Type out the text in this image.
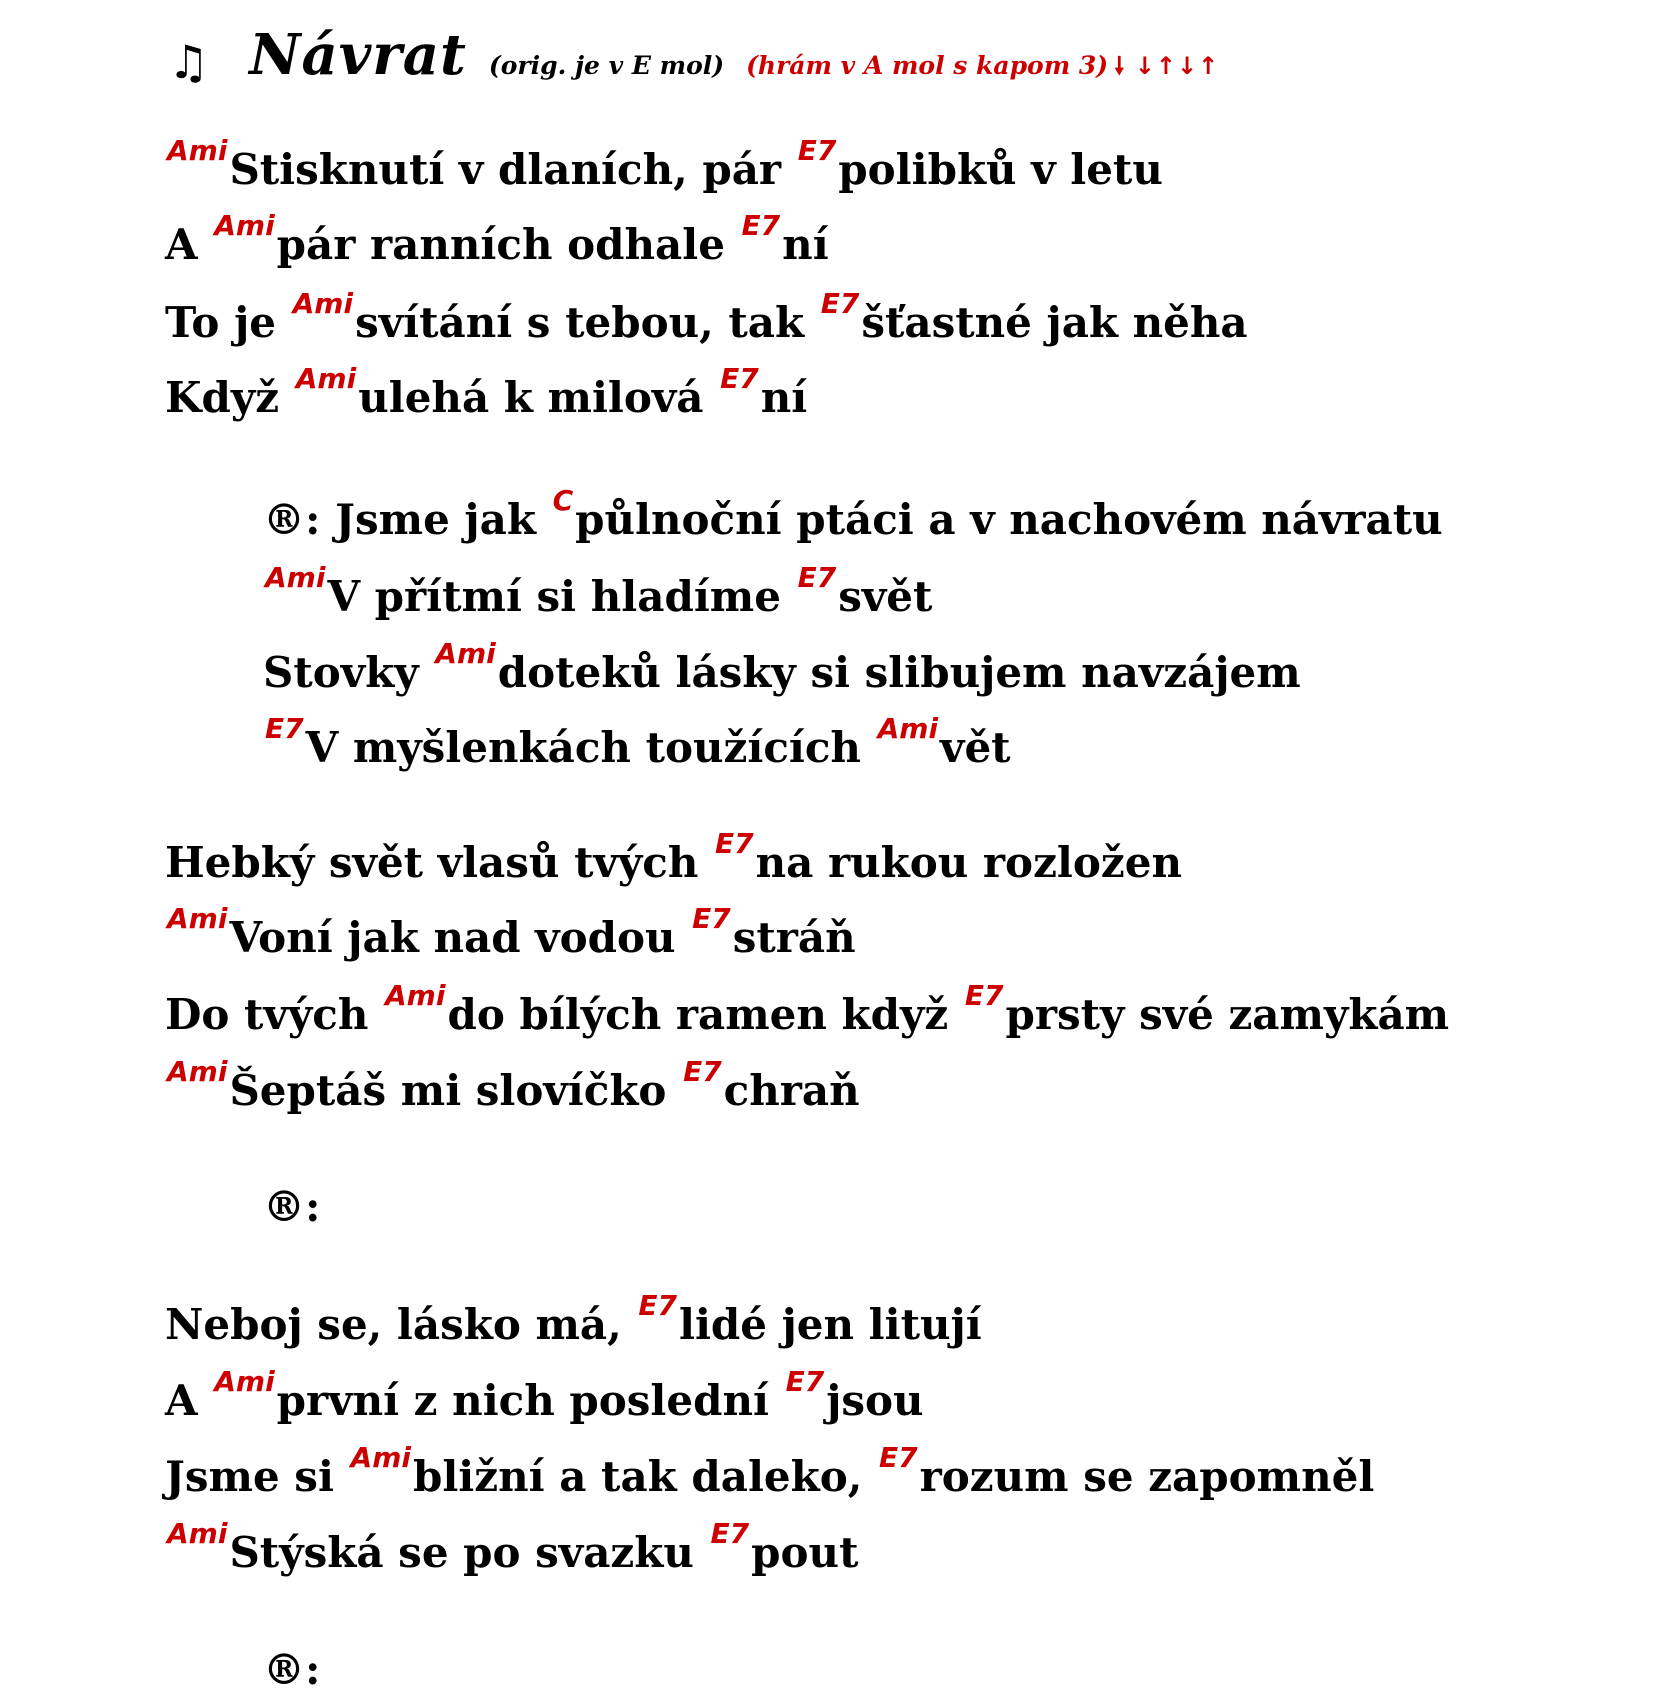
♫ Návrat (orig. je v E mol) (hrám v A mol s kapom 3) 🠗 ↓↑↓↑
$^{Ami}$Stisknutí v dlaních, pár $^{E7}$polibků v letu
A $^{Ami}$pár ranních odhale $^{E7}$ní
To je $^{Ami}$svítání s tebou, tak $^{E7}$šťastné jak něha
Když $^{Ami}$ulehá k milová $^{E7}$ní
®: Jsme jak $^C$půlnoční ptáci a v nachovém návratu
$^{Ami}$V přítmí si hladíme $^{E7}$svět
Stovky $^{Ami}$doteků lásky si slibujem navzájem
$^{E7}$V myšlenkách toužících $^{Ami}$vět
Hebký svět vlasů tvých $^{E7}$na rukou rozložen
$^{Ami}$Voní jak nad vodou $^{E7}$stráň
Do tvých $^{Ami}$do bílých ramen když $^{E7}$prsty své zamykám
$^{Ami}$Šeptáš mi slovíčko $^{E7}$chraň
®:
Neboj se, lásko má, $^{E7}$lidé jen litují
A $^{Ami}$první z nich poslední $^{E7}$jsou
Jsme si $^{Ami}$bližní a tak daleko, $^{E7}$rozum se zapomněl
$^{Ami}$Stýská se po svazku $^{E7}$pout
®:
